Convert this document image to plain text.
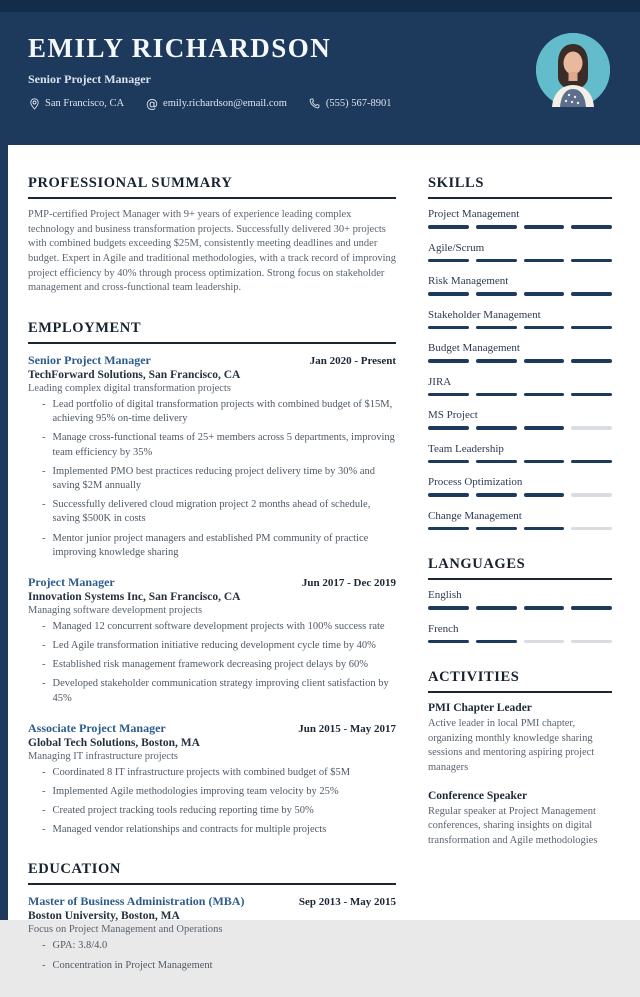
EMILY RICHARDSON
Senior Project Manager
San Francisco, CA @ emily.richardson@email.com	(555) 567-8901
PROFESSIONAL SUMMARY
PMP-certified Project Manager with 9+ years of experience leading complex technology and business transformation projects. Successfully delivered 30+ projects with combined budgets exceeding $25M, consistently meeting deadlines and under budget. Expert in Agile and traditional methodologies, with a track record of improving project efficiency by 40% through process optimization. Strong focus on stakeholder management and cross-functional team leadership.
EMPLOYMENT
Senior Project Manager	Jan 2020 - Present
TechForward Solutions, San Francisco, CA
Leading complex digital transformation projects
- Lead portfolio of digital transformation projects with combined budget of $15M, achieving 95% on-time delivery
- Manage cross-functional teams of 25+ members across 5 departments, improving team efficiency by 35%
- Implemented PMO best practices reducing project delivery time by 30% and saving $2M annually
- Successfully delivered cloud migration project 2 months ahead of schedule, saving $500K in costs
- Mentor junior project managers and established PM community of practice improving knowledge sharing
Project Manager	Jun 2017 - Dec 2019
Innovation Systems Inc, San Francisco, CA
Managing software development projects
- Managed 12 concurrent software development projects with 100% success rate
- Led Agile transformation initiative reducing development cycle time by 40%
- Established risk management framework decreasing project delays by 60%
- Developed stakeholder communication strategy improving client satisfaction by 45%
Associate Project Manager	Jun 2015 - May 2017
Global Tech Solutions, Boston, MA
Managing IT infrastructure projects
- Coordinated 8 IT infrastructure projects with combined budget of $5M
- Implemented Agile methodologies improving team velocity by 25%
- Created project tracking tools reducing reporting time by 50%
- Managed vendor relationships and contracts for multiple projects
EDUCATION
Master of Business Administration (MBA)	Sep 2013 - May 2015
Boston University, Boston, MA
Focus on Project Management and Operations
- GPA: 3.8/4.0
- Concentration in Project Management
SKILLS
Project Management
Agile/Scrum
Risk Management
Stakeholder Management
Budget Management
JIRA
MS Project
Team Leadership
Process Optimization
Change Management
LANGUAGES
English
French
ACTIVITIES
PMI Chapter Leader
Active leader in local PMI chapter, organizing monthly knowledge sharing sessions and mentoring aspiring project managers
Conference Speaker
Regular speaker at Project Management conferences, sharing insights on digital transformation and Agile methodologies
